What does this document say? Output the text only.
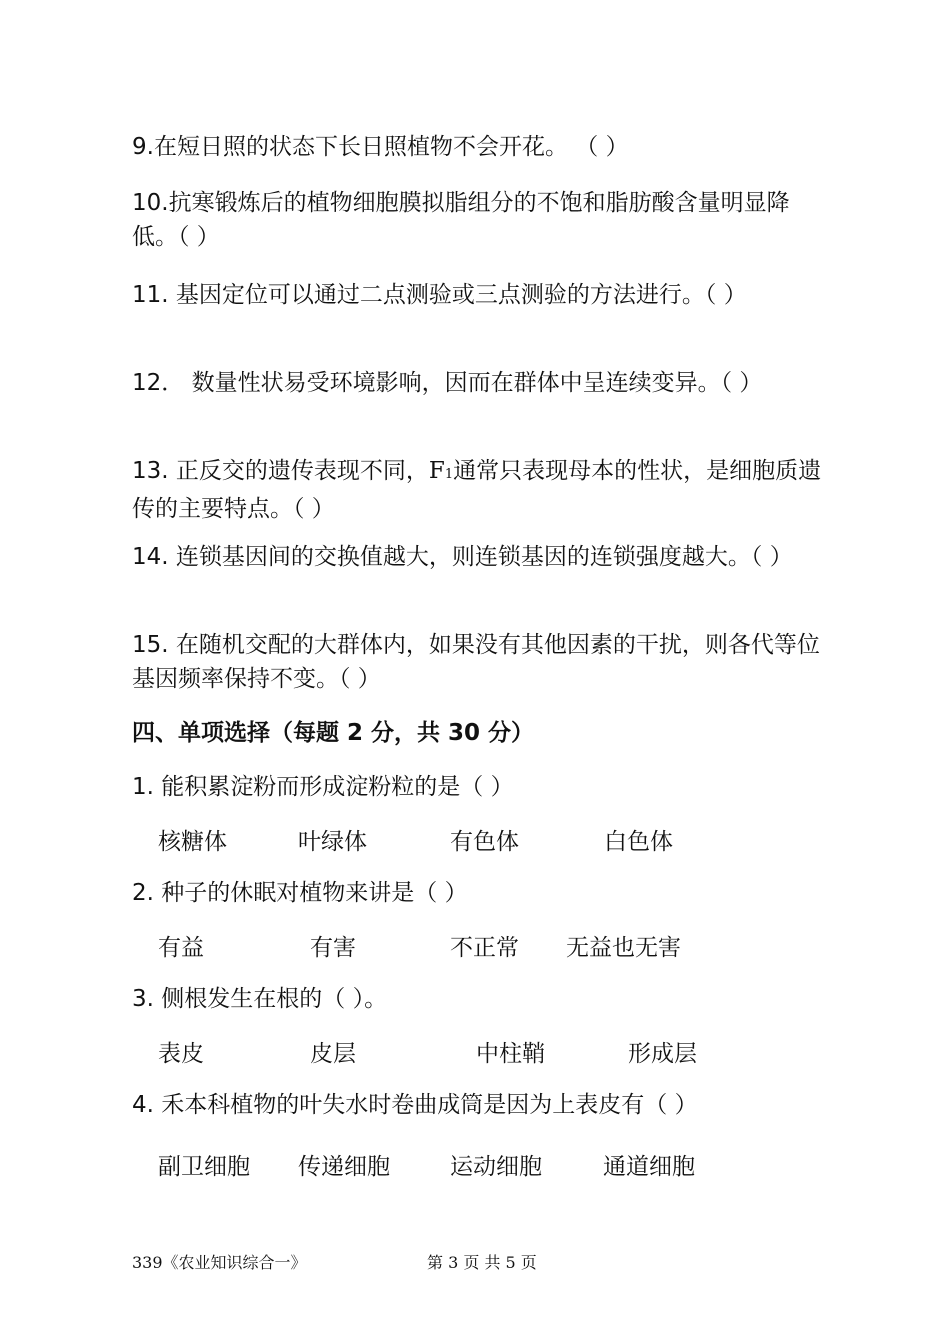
9.在短日照的状态下长日照植物不会开花。 （ ）

10.抗寒锻炼后的植物细胞膜拟脂组分的不饱和脂肪酸含量明显降低。（ ）

11. 基因定位可以通过二点测验或三点测验的方法进行。（ ）

12． 数量性状易受环境影响，因而在群体中呈连续变异。（ ）

13. 正反交的遗传表现不同，F1通常只表现母本的性状，是细胞质遗传的主要特点。（ ）

14. 连锁基因间的交换值越大，则连锁基因的连锁强度越大。（ ）

15. 在随机交配的大群体内，如果没有其他因素的干扰，则各代等位基因频率保持不变。（ ）

四、单项选择（每题 2 分，共 30 分）

1. 能积累淀粉而形成淀粉粒的是（ ）

核糖体	叶绿体	有色体	白色体

2. 种子的休眠对植物来讲是（ ）

有益	有害	不正常 无益也无害

3. 侧根发生在根的（ ）。

表皮	皮层	中柱鞘	形成层

4. 禾本科植物的叶失水时卷曲成筒是因为上表皮有（ ）

副卫细胞 传递细胞	运动细胞	通道细胞
339《农业知识综合一》	第 3 页 共 5 页
